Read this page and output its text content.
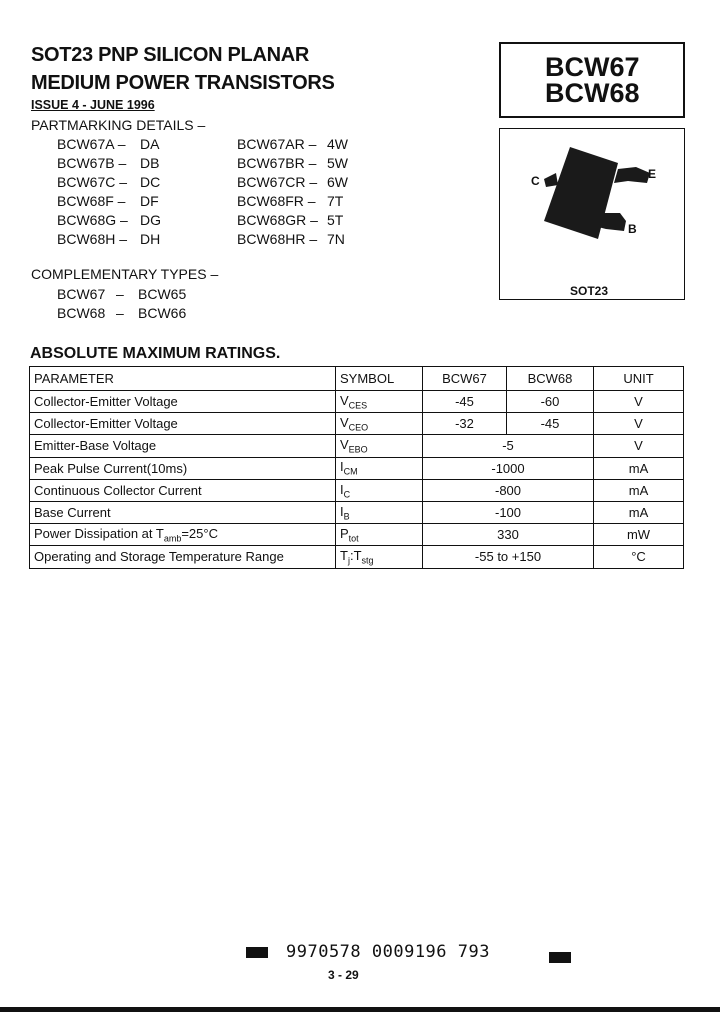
SOT23 PNP SILICON PLANAR
MEDIUM POWER TRANSISTORS
ISSUE 4 - JUNE 1996
BCW67
BCW68
PARTMARKING DETAILS –
BCW67A – DA
BCW67B – DB
BCW67C – DC
BCW68F – DF
BCW68G – DG
BCW68H – DH
BCW67AR – 4W
BCW67BR – 5W
BCW67CR – 6W
BCW68FR – 7T
BCW68GR – 5T
BCW68HR – 7N
COMPLEMENTARY TYPES –
BCW67 – BCW65
BCW68 – BCW66
C	E
B
SOT23
ABSOLUTE MAXIMUM RATINGS.
PARAMETER	SYMBOL	BCW67	BCW68	UNIT
Collector-Emitter Voltage	$V_{CES}$	-45	-60	V
Collector-Emitter Voltage	$V_{CEO}$	-32	-45	V
Emitter-Base Voltage	$V_{EBO}$	-5		V
Peak Pulse Current(10ms)	$I_{CM}$	-1000		mA
Continuous Collector Current	$I_C$	-800		mA
Base Current	$I_B$	-100		mA
Power Dissipation at $T_{amb}=25^\circ C$	$P_{tot}$	330		mW
Operating and Storage Temperature Range	$T_j:T_{stg}$	-55 to +150		°C
9970578 0009196 793
3 - 29
